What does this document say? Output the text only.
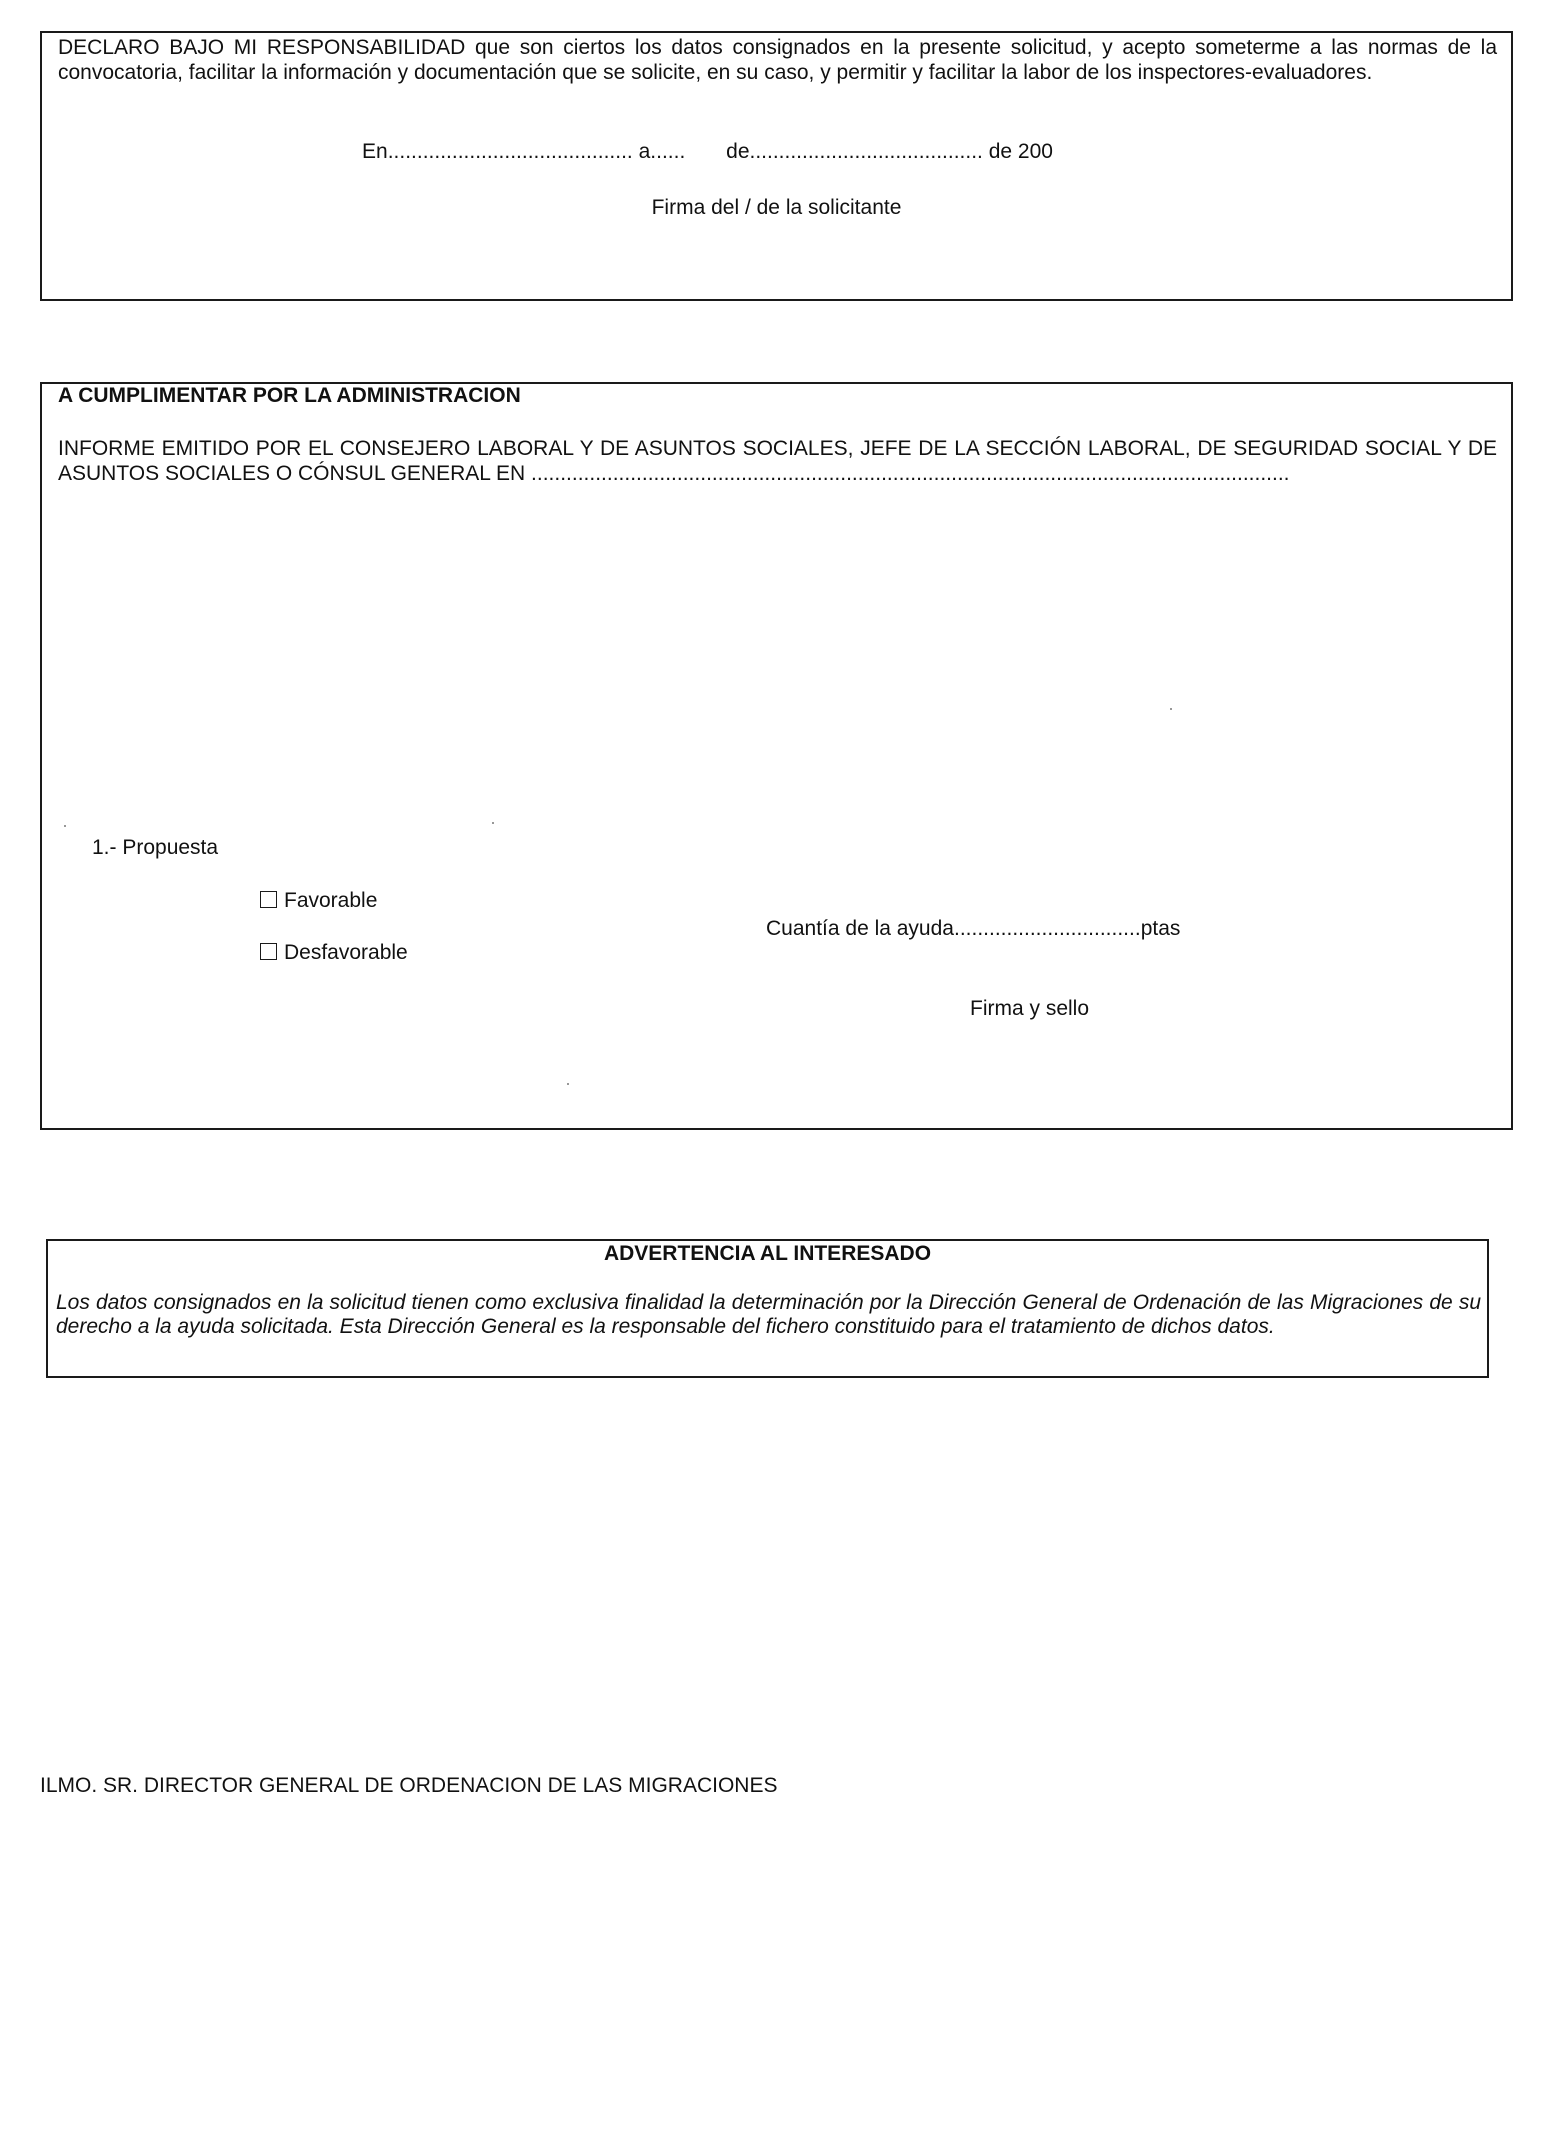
DECLARO BAJO MI RESPONSABILIDAD que son ciertos los datos consignados en la presente solicitud, y acepto someterme a las normas de la convocatoria, facilitar la información y documentación que se solicite, en su caso, y permitir y facilitar la labor de los inspectores-evaluadores.
En.......................................... a...... de........................................ de 200
Firma del / de la solicitante
A CUMPLIMENTAR POR LA ADMINISTRACION
INFORME EMITIDO POR EL CONSEJERO LABORAL Y DE ASUNTOS SOCIALES, JEFE DE LA SECCIÓN LABORAL, DE SEGURIDAD SOCIAL Y DE ASUNTOS SOCIALES O CÓNSUL GENERAL EN ..................................................................................................................................
1.- Propuesta
Favorable
Desfavorable
Cuantía de la ayuda................................ptas
Firma y sello
ADVERTENCIA AL INTERESADO
Los datos consignados en la solicitud tienen como exclusiva finalidad la determinación por la Dirección General de Ordenación de las Migraciones de su derecho a la ayuda solicitada. Esta Dirección General es la responsable del fichero constituido para el tratamiento de dichos datos.
ILMO. SR. DIRECTOR GENERAL DE ORDENACION DE LAS MIGRACIONES
